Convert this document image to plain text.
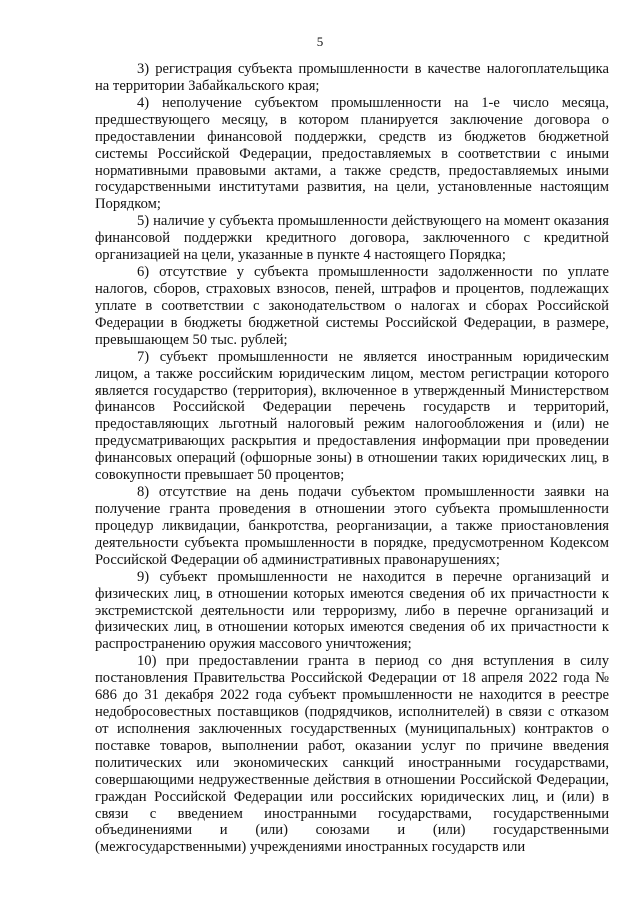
5

3) регистрация субъекта промышленности в качестве налогоплательщика на территории Забайкальского края;

4) неполучение субъектом промышленности на 1-е число месяца, предшествующего месяцу, в котором планируется заключение договора о предоставлении финансовой поддержки, средств из бюджетов бюджетной системы Российской Федерации, предоставляемых в соответствии с иными нормативными правовыми актами, а также средств, предоставляемых иными государственными институтами развития, на цели, установленные настоящим Порядком;

5) наличие у субъекта промышленности действующего на момент оказания финансовой поддержки кредитного договора, заключенного с кредитной организацией на цели, указанные в пункте 4 настоящего Порядка;

6) отсутствие у субъекта промышленности задолженности по уплате налогов, сборов, страховых взносов, пеней, штрафов и процентов, подлежащих уплате в соответствии с законодательством о налогах и сборах Российской Федерации в бюджеты бюджетной системы Российской Федерации, в размере, превышающем 50 тыс. рублей;

7) субъект промышленности не является иностранным юридическим лицом, а также российским юридическим лицом, местом регистрации которого является государство (территория), включенное в утвержденный Министерством финансов Российской Федерации перечень государств и территорий, предоставляющих льготный налоговый режим налогообложения и (или) не предусматривающих раскрытия и предоставления информации при проведении финансовых операций (офшорные зоны) в отношении таких юридических лиц, в совокупности превышает 50 процентов;

8) отсутствие на день подачи субъектом промышленности заявки на получение гранта проведения в отношении этого субъекта промышленности процедур ликвидации, банкротства, реорганизации, а также приостановления деятельности субъекта промышленности в порядке, предусмотренном Кодексом Российской Федерации об административных правонарушениях;

9) субъект промышленности не находится в перечне организаций и физических лиц, в отношении которых имеются сведения об их причастности к экстремистской деятельности или терроризму, либо в перечне организаций и физических лиц, в отношении которых имеются сведения об их причастности к распространению оружия массового уничтожения;

10) при предоставлении гранта в период со дня вступления в силу постановления Правительства Российской Федерации от 18 апреля 2022 года № 686 до 31 декабря 2022 года субъект промышленности не находится в реестре недобросовестных поставщиков (подрядчиков, исполнителей) в связи с отказом от исполнения заключенных государственных (муниципальных) контрактов о поставке товаров, выполнении работ, оказании услуг по причине введения политических или экономических санкций иностранными государствами, совершающими недружественные действия в отношении Российской Федерации, граждан Российской Федерации или российских юридических лиц, и (или) в связи с введением иностранными государствами, государственными объединениями и (или) союзами и (или) государственными (межгосударственными) учреждениями иностранных государств или
